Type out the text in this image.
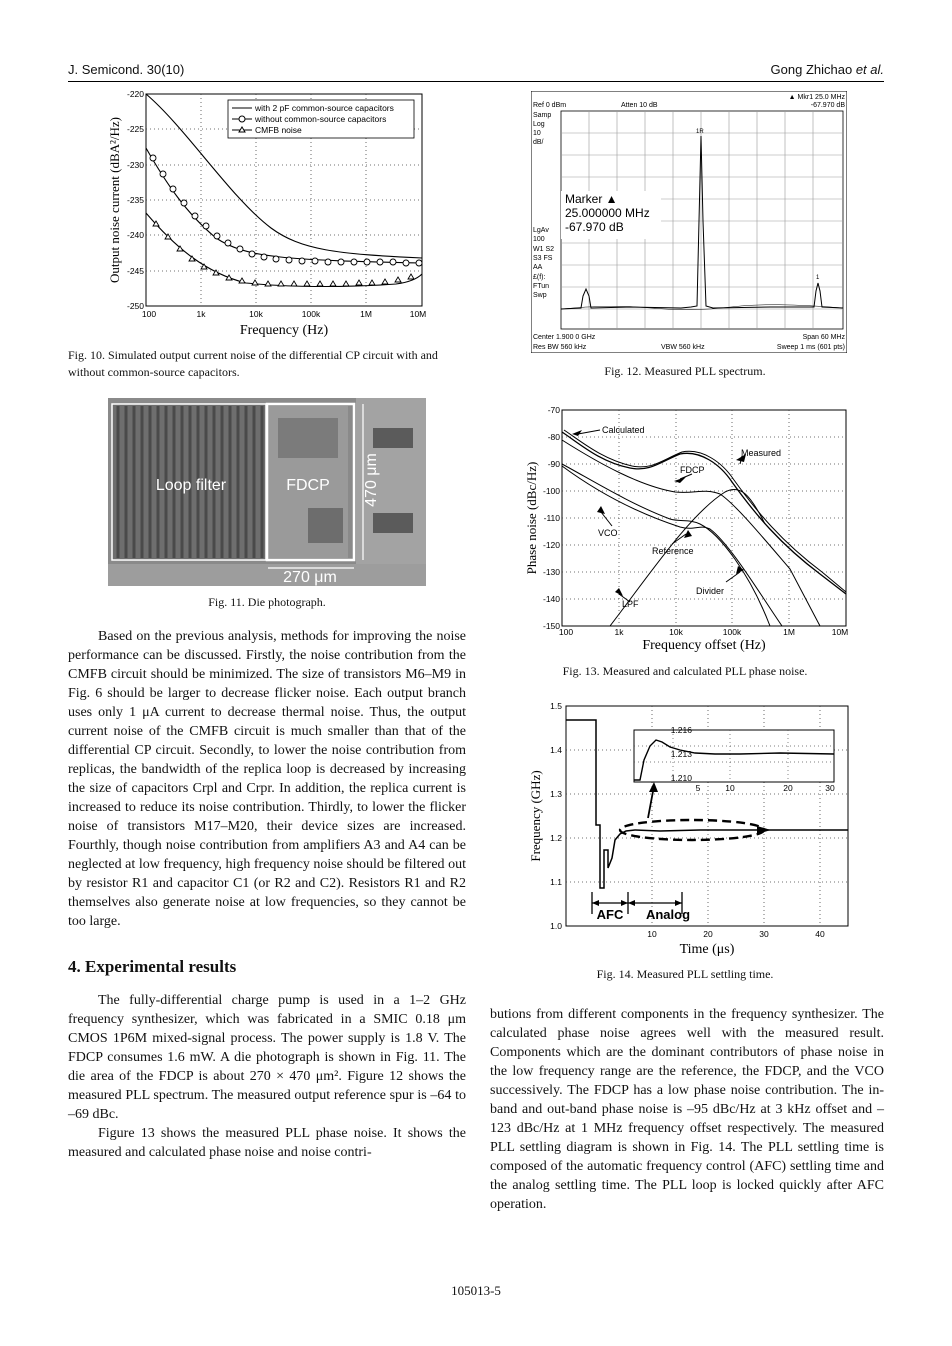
J. Semicond. 30(10)	Gong Zhichao et al.
with 2 pF common-source capacitors
without common-source capacitors
CMFB noise
-220
-225
-230
-235
-240
-245
-250
100	1k	10k	100k	1M	10M
Frequency (Hz)
Output noise current (dBA²/Hz)
Fig. 10. Simulated output current noise of the differential CP circuit with and without common-source capacitors.
Loop filter	FDCP 470 μm
270 μm
Fig. 11. Die photograph.
Ref 0 dBm	Atten 10 dB
▲ Mkr1 25.0 MHz
-67.970 dB
Samp
Log
10
dB/
LgAv
100
W1 S2
S3 FS
AA
£(f):
FTun
Swp
1R
1
Center 1.900 0 GHz
Res BW 560 kHz	VBW 560 kHz
Span 60 MHz
Sweep 1 ms (601 pts)
Marker ▲
25.000000 MHz
-67.970 dB
Fig. 12. Measured PLL spectrum.
Calculated
Measured
FDCP
VCO
Reference
Divider
LPF
-70
-80
-90
-100
-110
-120
-130
-140
-150
100	1k	10k	100k	1M	10M
Frequency offset (Hz)
Phase noise (dBc/Hz)
Fig. 13. Measured and calculated PLL phase noise.
1.216
1.213
1.210
5	10	20	30
AFC Analog
1.5
1.4
1.3
1.2
1.1
1.0
10	20	30	40
Time (μs)
Frequency (GHz)
Fig. 14. Measured PLL settling time.

Based on the previous analysis, methods for improving the noise performance can be discussed. Firstly, the noise contribution from the CMFB circuit should be minimized. The size of transistors M6–M9 in Fig. 6 should be larger to decrease flicker noise. Each output branch uses only 1 μA current to decrease thermal noise. Thus, the output current noise of the CMFB circuit is much smaller than that of the differential CP circuit. Secondly, to lower the noise contribution from replicas, the bandwidth of the replica loop is decreased by increasing the size of capacitors Crpl and Crpr. In addition, the replica current is increased to reduce its noise contribution. Thirdly, to lower the flicker noise of transistors M17–M20, their device sizes are increased. Fourthly, though noise contribution from amplifiers A3 and A4 can be neglected at low frequency, high frequency noise should be filtered out by resistor R1 and capacitor C1 (or R2 and C2). Resistors R1 and R2 themselves also generate noise at low frequencies, so they cannot be too large.

4. Experimental results

The fully-differential charge pump is used in a 1–2 GHz frequency synthesizer, which was fabricated in a SMIC 0.18 μm CMOS 1P6M mixed-signal process. The power supply is 1.8 V. The FDCP consumes 1.6 mW. A die photograph is shown in Fig. 11. The die area of the FDCP is about 270 × 470 μm². Figure 12 shows the measured PLL spectrum. The measured output reference spur is –64 to –69 dBc.

Figure 13 shows the measured PLL phase noise. It shows the measured and calculated phase noise and noise contri-

butions from different components in the frequency synthesizer. The calculated phase noise agrees well with the measured result. Components which are the dominant contributors of phase noise in the low frequency range are the reference, the FDCP, and the VCO successively. The FDCP has a low phase noise contribution. The in-band and out-band phase noise is –95 dBc/Hz at 3 kHz offset and –123 dBc/Hz at 1 MHz frequency offset respectively. The measured PLL settling diagram is shown in Fig. 14. The PLL settling time is composed of the automatic frequency control (AFC) settling time and the analog settling time. The PLL loop is locked quickly after AFC operation.

105013-5
